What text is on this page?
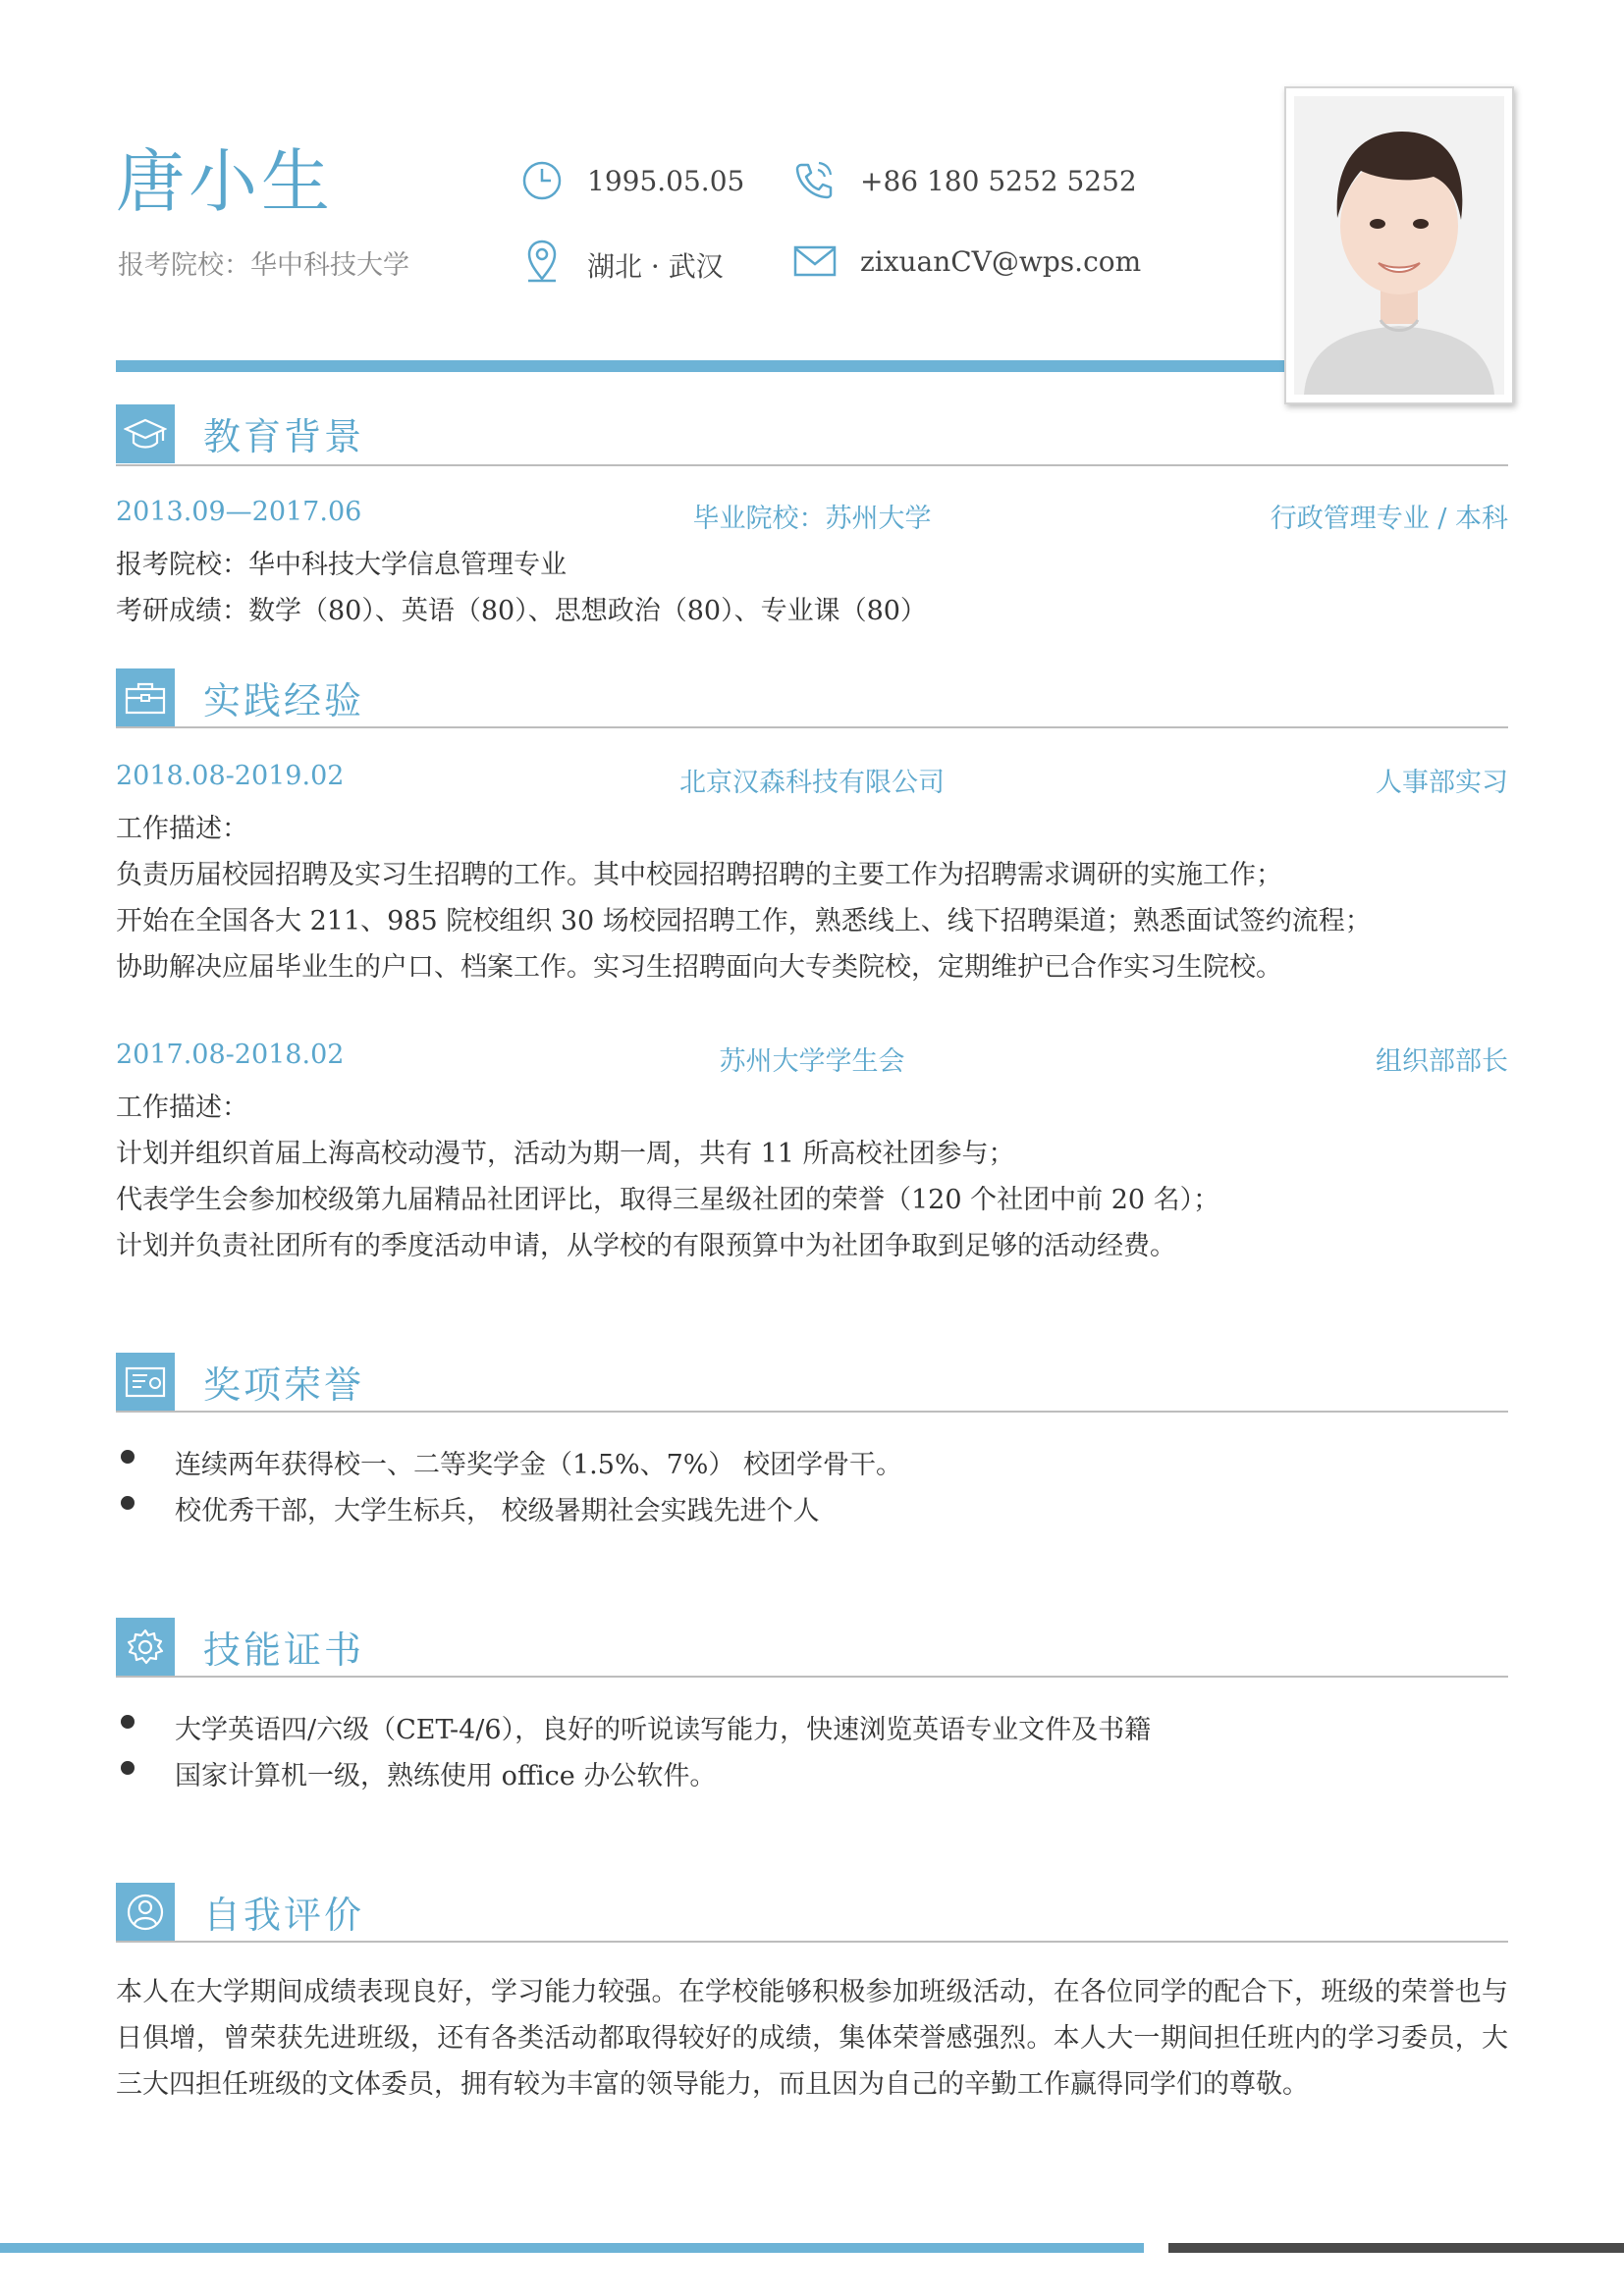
唐小生
报考院校：华中科技大学
1995.05.05	+86 180 5252 5252
湖北 · 武汉	zixuanCV@wps.com
教育背景
2013.09—2017.06	毕业院校：苏州大学	行政管理专业 / 本科
报考院校：华中科技大学信息管理专业
考研成绩：数学（80）、英语（80）、思想政治（80）、专业课（80）
实践经验
2018.08-2019.02	北京汉森科技有限公司	人事部实习
工作描述：
负责历届校园招聘及实习生招聘的工作。其中校园招聘招聘的主要工作为招聘需求调研的实施工作；
开始在全国各大 211、985 院校组织 30 场校园招聘工作，熟悉线上、线下招聘渠道；熟悉面试签约流程；
协助解决应届毕业生的户口、档案工作。实习生招聘面向大专类院校，定期维护已合作实习生院校。
2017.08-2018.02	苏州大学学生会	组织部部长
工作描述：
计划并组织首届上海高校动漫节，活动为期一周，共有 11 所高校社团参与；
代表学生会参加校级第九届精品社团评比，取得三星级社团的荣誉（120 个社团中前 20 名）；
计划并负责社团所有的季度活动申请，从学校的有限预算中为社团争取到足够的活动经费。
奖项荣誉
连续两年获得校一、二等奖学金（1.5%、7%） 校团学骨干。
校优秀干部，大学生标兵， 校级暑期社会实践先进个人
技能证书
大学英语四/六级（CET-4/6），良好的听说读写能力，快速浏览英语专业文件及书籍
国家计算机一级，熟练使用 office 办公软件。
自我评价
本人在大学期间成绩表现良好，学习能力较强。在学校能够积极参加班级活动，在各位同学的配合下，班级的荣誉也与日俱增，曾荣获先进班级，还有各类活动都取得较好的成绩，集体荣誉感强烈。本人大一期间担任班内的学习委员，大三大四担任班级的文体委员，拥有较为丰富的领导能力，而且因为自己的辛勤工作赢得同学们的尊敬。
